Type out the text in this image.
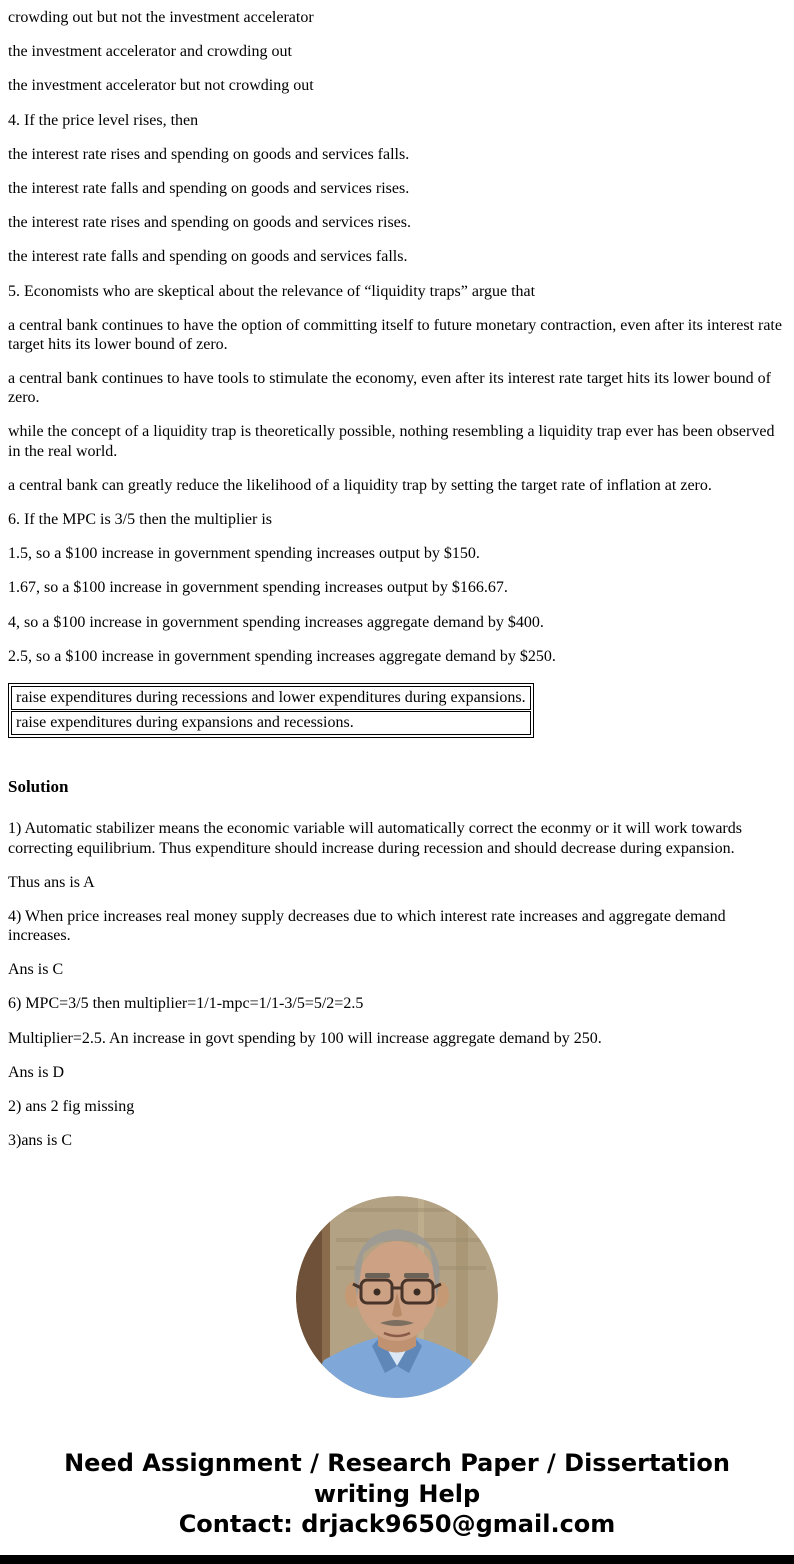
crowding out but not the investment accelerator

the investment accelerator and crowding out

the investment accelerator but not crowding out

4. If the price level rises, then

the interest rate rises and spending on goods and services falls.

the interest rate falls and spending on goods and services rises.

the interest rate rises and spending on goods and services rises.

the interest rate falls and spending on goods and services falls.

5. Economists who are skeptical about the relevance of “liquidity traps” argue that

a central bank continues to have the option of committing itself to future monetary contraction, even after its interest rate target hits its lower bound of zero.

a central bank continues to have tools to stimulate the economy, even after its interest rate target hits its lower bound of zero.

while the concept of a liquidity trap is theoretically possible, nothing resembling a liquidity trap ever has been observed in the real world.

a central bank can greatly reduce the likelihood of a liquidity trap by setting the target rate of inflation at zero.

6. If the MPC is 3/5 then the multiplier is

1.5, so a $100 increase in government spending increases output by $150.

1.67, so a $100 increase in government spending increases output by $166.67.

4, so a $100 increase in government spending increases aggregate demand by $400.

2.5, so a $100 increase in government spending increases aggregate demand by $250.

raise expenditures during recessions and lower expenditures during expansions.
raise expenditures during expansions and recessions.
Solution

1) Automatic stabilizer means the economic variable will automatically correct the econmy or it will work towards correcting equilibrium. Thus expenditure should increase during recession and should decrease during expansion.

Thus ans is A

4) When price increases real money supply decreases due to which interest rate increases and aggregate demand increases.

Ans is C

6) MPC=3/5 then multiplier=1/1-mpc=1/1-3/5=5/2=2.5

Multiplier=2.5. An increase in govt spending by 100 will increase aggregate demand by 250.

Ans is D

2) ans 2 fig missing

3)ans is C

Need Assignment / Research Paper / Dissertation writing Help
Contact: drjack9650@gmail.com
